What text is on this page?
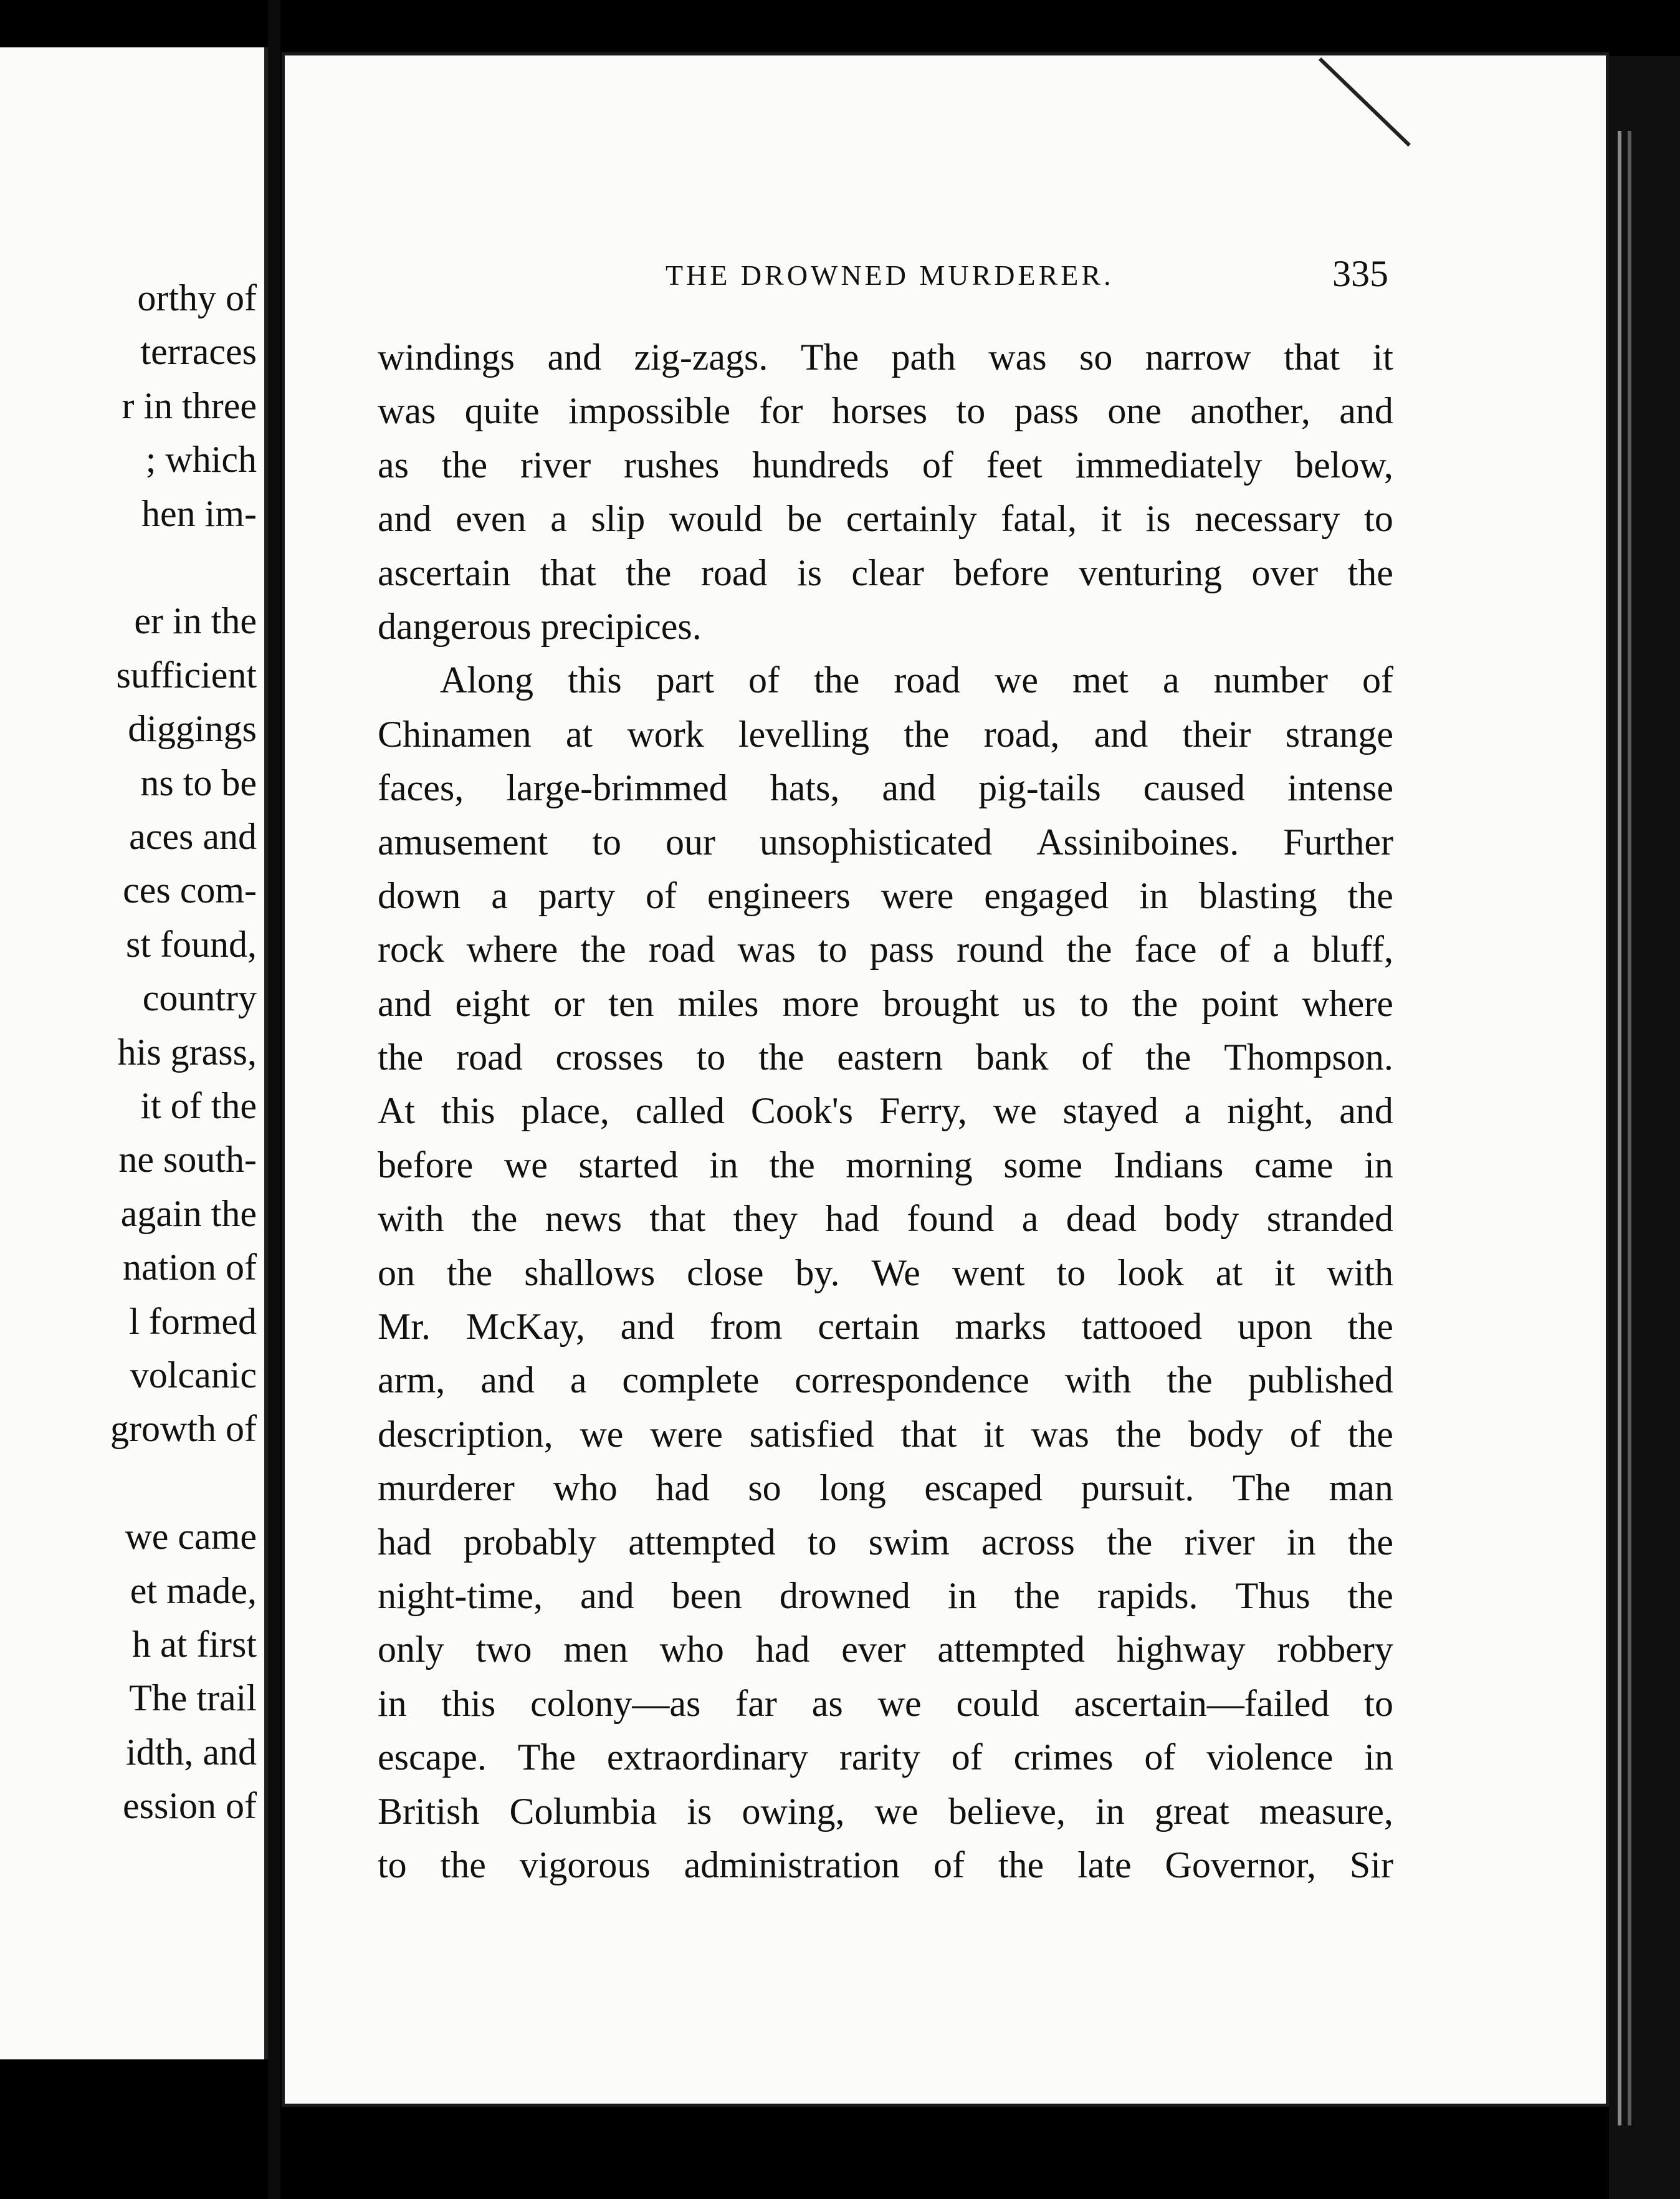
orthy of
terraces
r in three
; which
hen im-
er in the
sufficient
diggings
ns to be
aces and
ces com-
st found,
country
his grass,
it of the
ne south-
again the
nation of
l formed
volcanic
growth of
we came
et made,
h at first
The trail
idth, and
ession of
THE DROWNED MURDERER.	335
windings and zig-zags. The path was so narrow that it
was quite impossible for horses to pass one another, and
as the river rushes hundreds of feet immediately below,
and even a slip would be certainly fatal, it is necessary to
ascertain that the road is clear before venturing over the
dangerous precipices.
Along this part of the road we met a number of
Chinamen at work levelling the road, and their strange
faces, large-brimmed hats, and pig-tails caused intense
amusement to our unsophisticated Assiniboines. Further
down a party of engineers were engaged in blasting the
rock where the road was to pass round the face of a bluff,
and eight or ten miles more brought us to the point where
the road crosses to the eastern bank of the Thompson.
At this place, called Cook's Ferry, we stayed a night, and
before we started in the morning some Indians came in
with the news that they had found a dead body stranded
on the shallows close by. We went to look at it with
Mr. McKay, and from certain marks tattooed upon the
arm, and a complete correspondence with the published
description, we were satisfied that it was the body of the
murderer who had so long escaped pursuit. The man
had probably attempted to swim across the river in the
night-time, and been drowned in the rapids. Thus the
only two men who had ever attempted highway robbery
in this colony—as far as we could ascertain—failed to
escape. The extraordinary rarity of crimes of violence in
British Columbia is owing, we believe, in great measure,
to the vigorous administration of the late Governor, Sir
